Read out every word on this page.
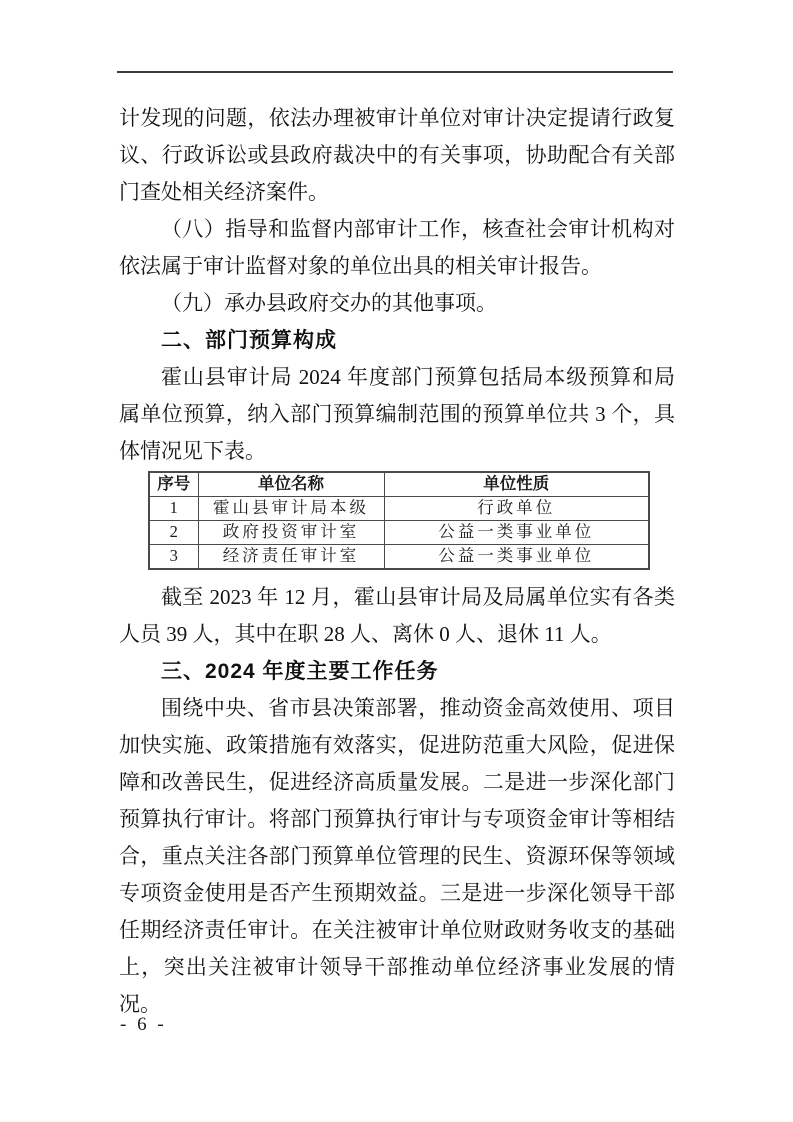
计发现的问题，依法办理被审计单位对审计决定提请行政复议、行政诉讼或县政府裁决中的有关事项，协助配合有关部门查处相关经济案件。

（八）指导和监督内部审计工作，核查社会审计机构对依法属于审计监督对象的单位出具的相关审计报告。

（九）承办县政府交办的其他事项。

二、部门预算构成

霍山县审计局 2024 年度部门预算包括局本级预算和局属单位预算，纳入部门预算编制范围的预算单位共 3 个，具体情况见下表。

序号	单位名称	单位性质
1	霍山县审计局本级	行政单位
2	政府投资审计室	公益一类事业单位
3	经济责任审计室	公益一类事业单位

截至 2023 年 12 月，霍山县审计局及局属单位实有各类人员 39 人，其中在职 28 人、离休 0 人、退休 11 人。

三、2024 年度主要工作任务

围绕中央、省市县决策部署，推动资金高效使用、项目加快实施、政策措施有效落实，促进防范重大风险，促进保障和改善民生，促进经济高质量发展。二是进一步深化部门预算执行审计。将部门预算执行审计与专项资金审计等相结合，重点关注各部门预算单位管理的民生、资源环保等领域专项资金使用是否产生预期效益。三是进一步深化领导干部任期经济责任审计。在关注被审计单位财政财务收支的基础上，突出关注被审计领导干部推动单位经济事业发展的情况。

- 6 -
